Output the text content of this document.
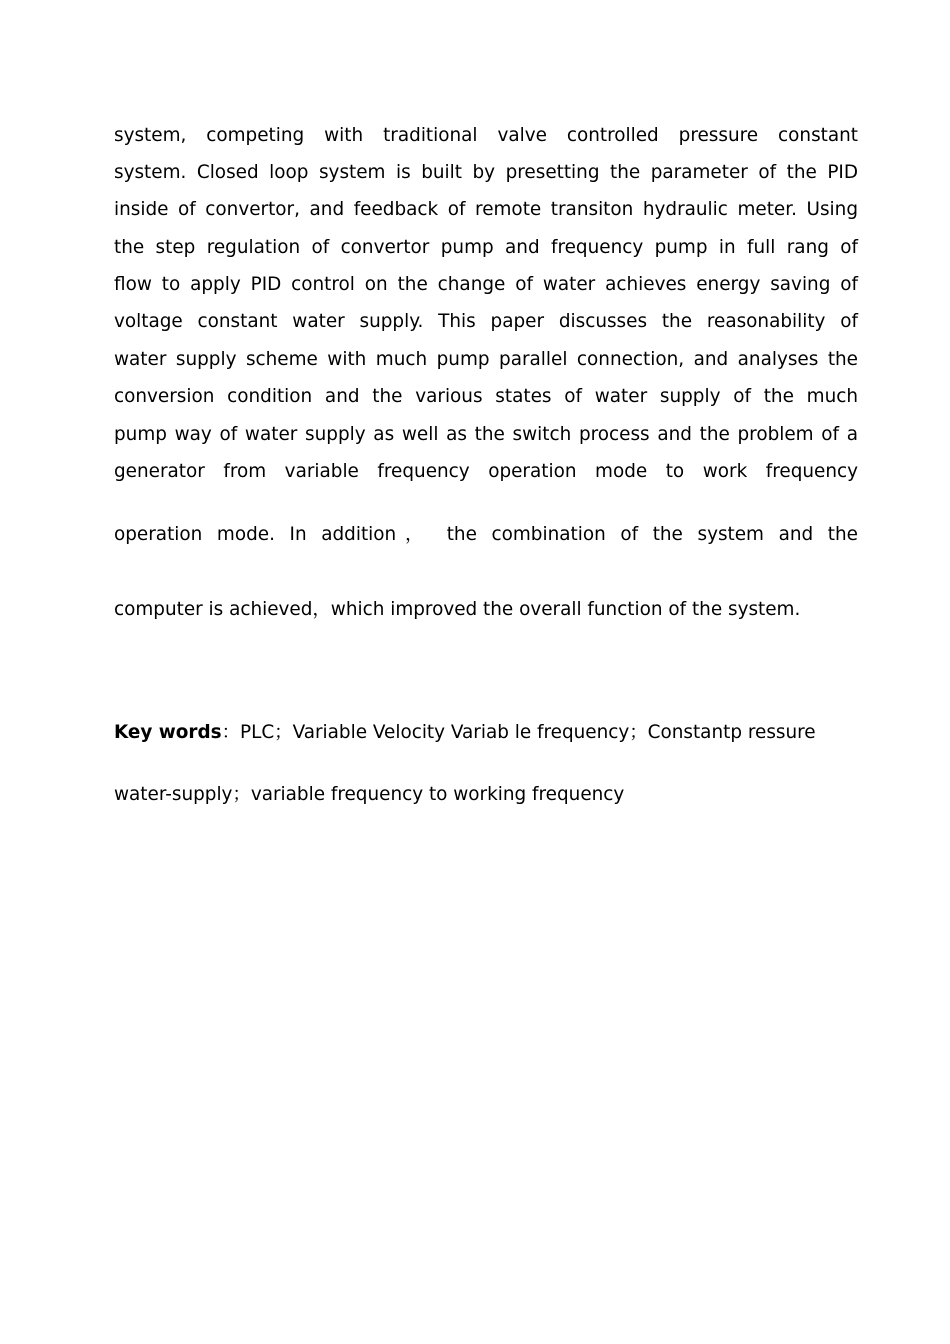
system, competing with traditional valve controlled pressure constant
system. Closed loop system is built by presetting the parameter of the PID
inside of convertor, and feedback of remote transiton hydraulic meter. Using
the step regulation of convertor pump and frequency pump in full rang of
flow to apply PID control on the change of water achieves energy saving of
voltage constant water supply. This paper discusses the reasonability of
water supply scheme with much pump parallel connection, and analyses the
conversion condition and the various states of water supply of the much
pump way of water supply as well as the switch process and the problem of a
generator from variable frequency operation mode to work frequency
operation mode. In addition， the combination of the system and the
computer is achieved，which improved the overall function of the system.
Key words：PLC；Variable Velocity Variab le frequency；Constantp ressure
water-supply；variable frequency to working frequency
